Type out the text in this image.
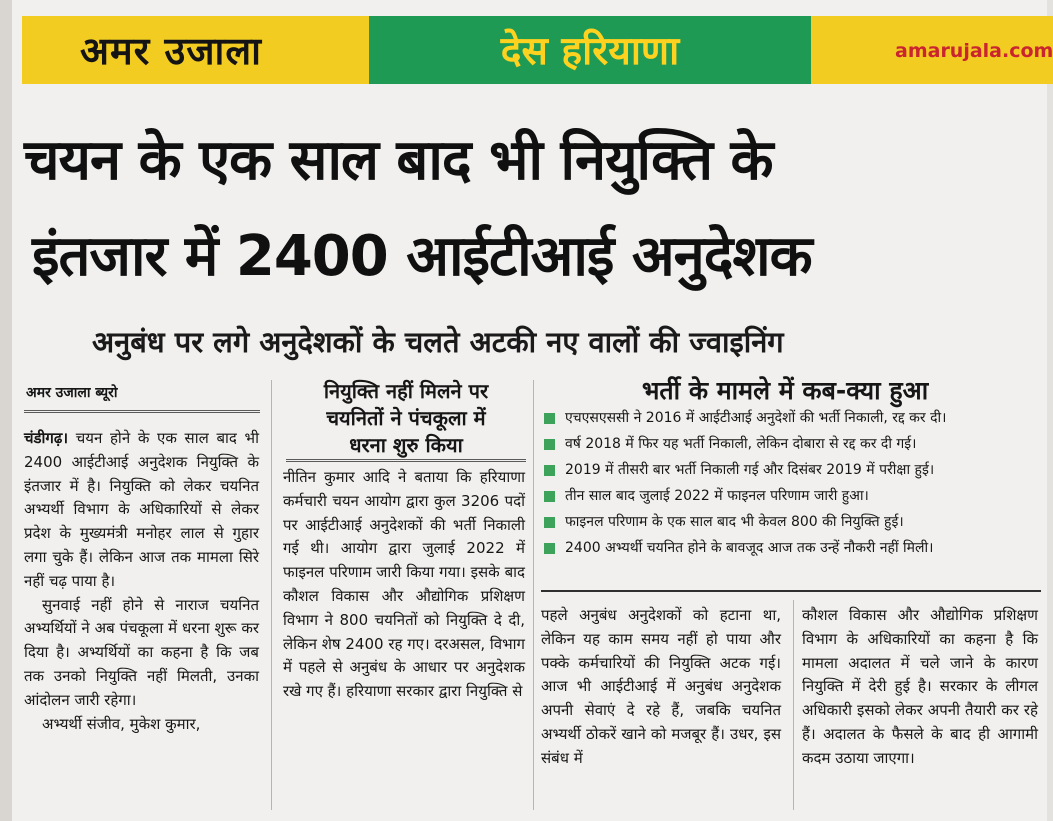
अमर उजाला	देस हरियाणा	amarujala.com
चयन के एक साल बाद भी नियुक्ति के
इंतजार में 2400 आईटीआई अनुदेशक
अनुबंध पर लगे अनुदेशकों के चलते अटकी नए वालों की ज्वाइनिंग
अमर उजाला ब्यूरो

चंडीगढ़। चयन होने के एक साल बाद भी 2400 आईटीआई अनुदेशक नियुक्ति के इंतजार में है। नियुक्ति को लेकर चयनित अभ्यर्थी विभाग के अधिकारियों से लेकर प्रदेश के मुख्यमंत्री मनोहर लाल से गुहार लगा चुके हैं। लेकिन आज तक मामला सिरे नहीं चढ़ पाया है।

सुनवाई नहीं होने से नाराज चयनित अभ्यर्थियों ने अब पंचकूला में धरना शुरू कर दिया है। अभ्यर्थियों का कहना है कि जब तक उनको नियुक्ति नहीं मिलती, उनका आंदोलन जारी रहेगा।

अभ्यर्थी संजीव, मुकेश कुमार,

नियुक्ति नहीं मिलने पर
चयनितों ने पंचकूला में
धरना शुरु किया

नीतिन कुमार आदि ने बताया कि हरियाणा कर्मचारी चयन आयोग द्वारा कुल 3206 पदों पर आईटीआई अनुदेशकों की भर्ती निकाली गई थी। आयोग द्वारा जुलाई 2022 में फाइनल परिणाम जारी किया गया। इसके बाद कौशल विकास और औद्योगिक प्रशिक्षण विभाग ने 800 चयनितों को नियुक्ति दे दी, लेकिन शेष 2400 रह गए। दरअसल, विभाग में पहले से अनुबंध के आधार पर अनुदेशक रखे गए हैं। हरियाणा सरकार द्वारा नियुक्ति से

भर्ती के मामले में कब-क्या हुआ
एचएसएससी ने 2016 में आईटीआई अनुदेशों की भर्ती निकाली, रद्द कर दी।
वर्ष 2018 में फिर यह भर्ती निकाली, लेकिन दोबारा से रद्द कर दी गई।
2019 में तीसरी बार भर्ती निकाली गई और दिसंबर 2019 में परीक्षा हुई।
तीन साल बाद जुलाई 2022 में फाइनल परिणाम जारी हुआ।
फाइनल परिणाम के एक साल बाद भी केवल 800 की नियुक्ति हुई।
2400 अभ्यर्थी चयनित होने के बावजूद आज तक उन्हें नौकरी नहीं मिली।

पहले अनुबंध अनुदेशकों को हटाना था, लेकिन यह काम समय नहीं हो पाया और पक्के कर्मचारियों की नियुक्ति अटक गई। आज भी आईटीआई में अनुबंध अनुदेशक अपनी सेवाएं दे रहे हैं, जबकि चयनित अभ्यर्थी ठोकरें खाने को मजबूर हैं। उधर, इस संबंध में

कौशल विकास और औद्योगिक प्रशिक्षण विभाग के अधिकारियों का कहना है कि मामला अदालत में चले जाने के कारण नियुक्ति में देरी हुई है। सरकार के लीगल अधिकारी इसको लेकर अपनी तैयारी कर रहे हैं। अदालत के फैसले के बाद ही आगामी कदम उठाया जाएगा।
